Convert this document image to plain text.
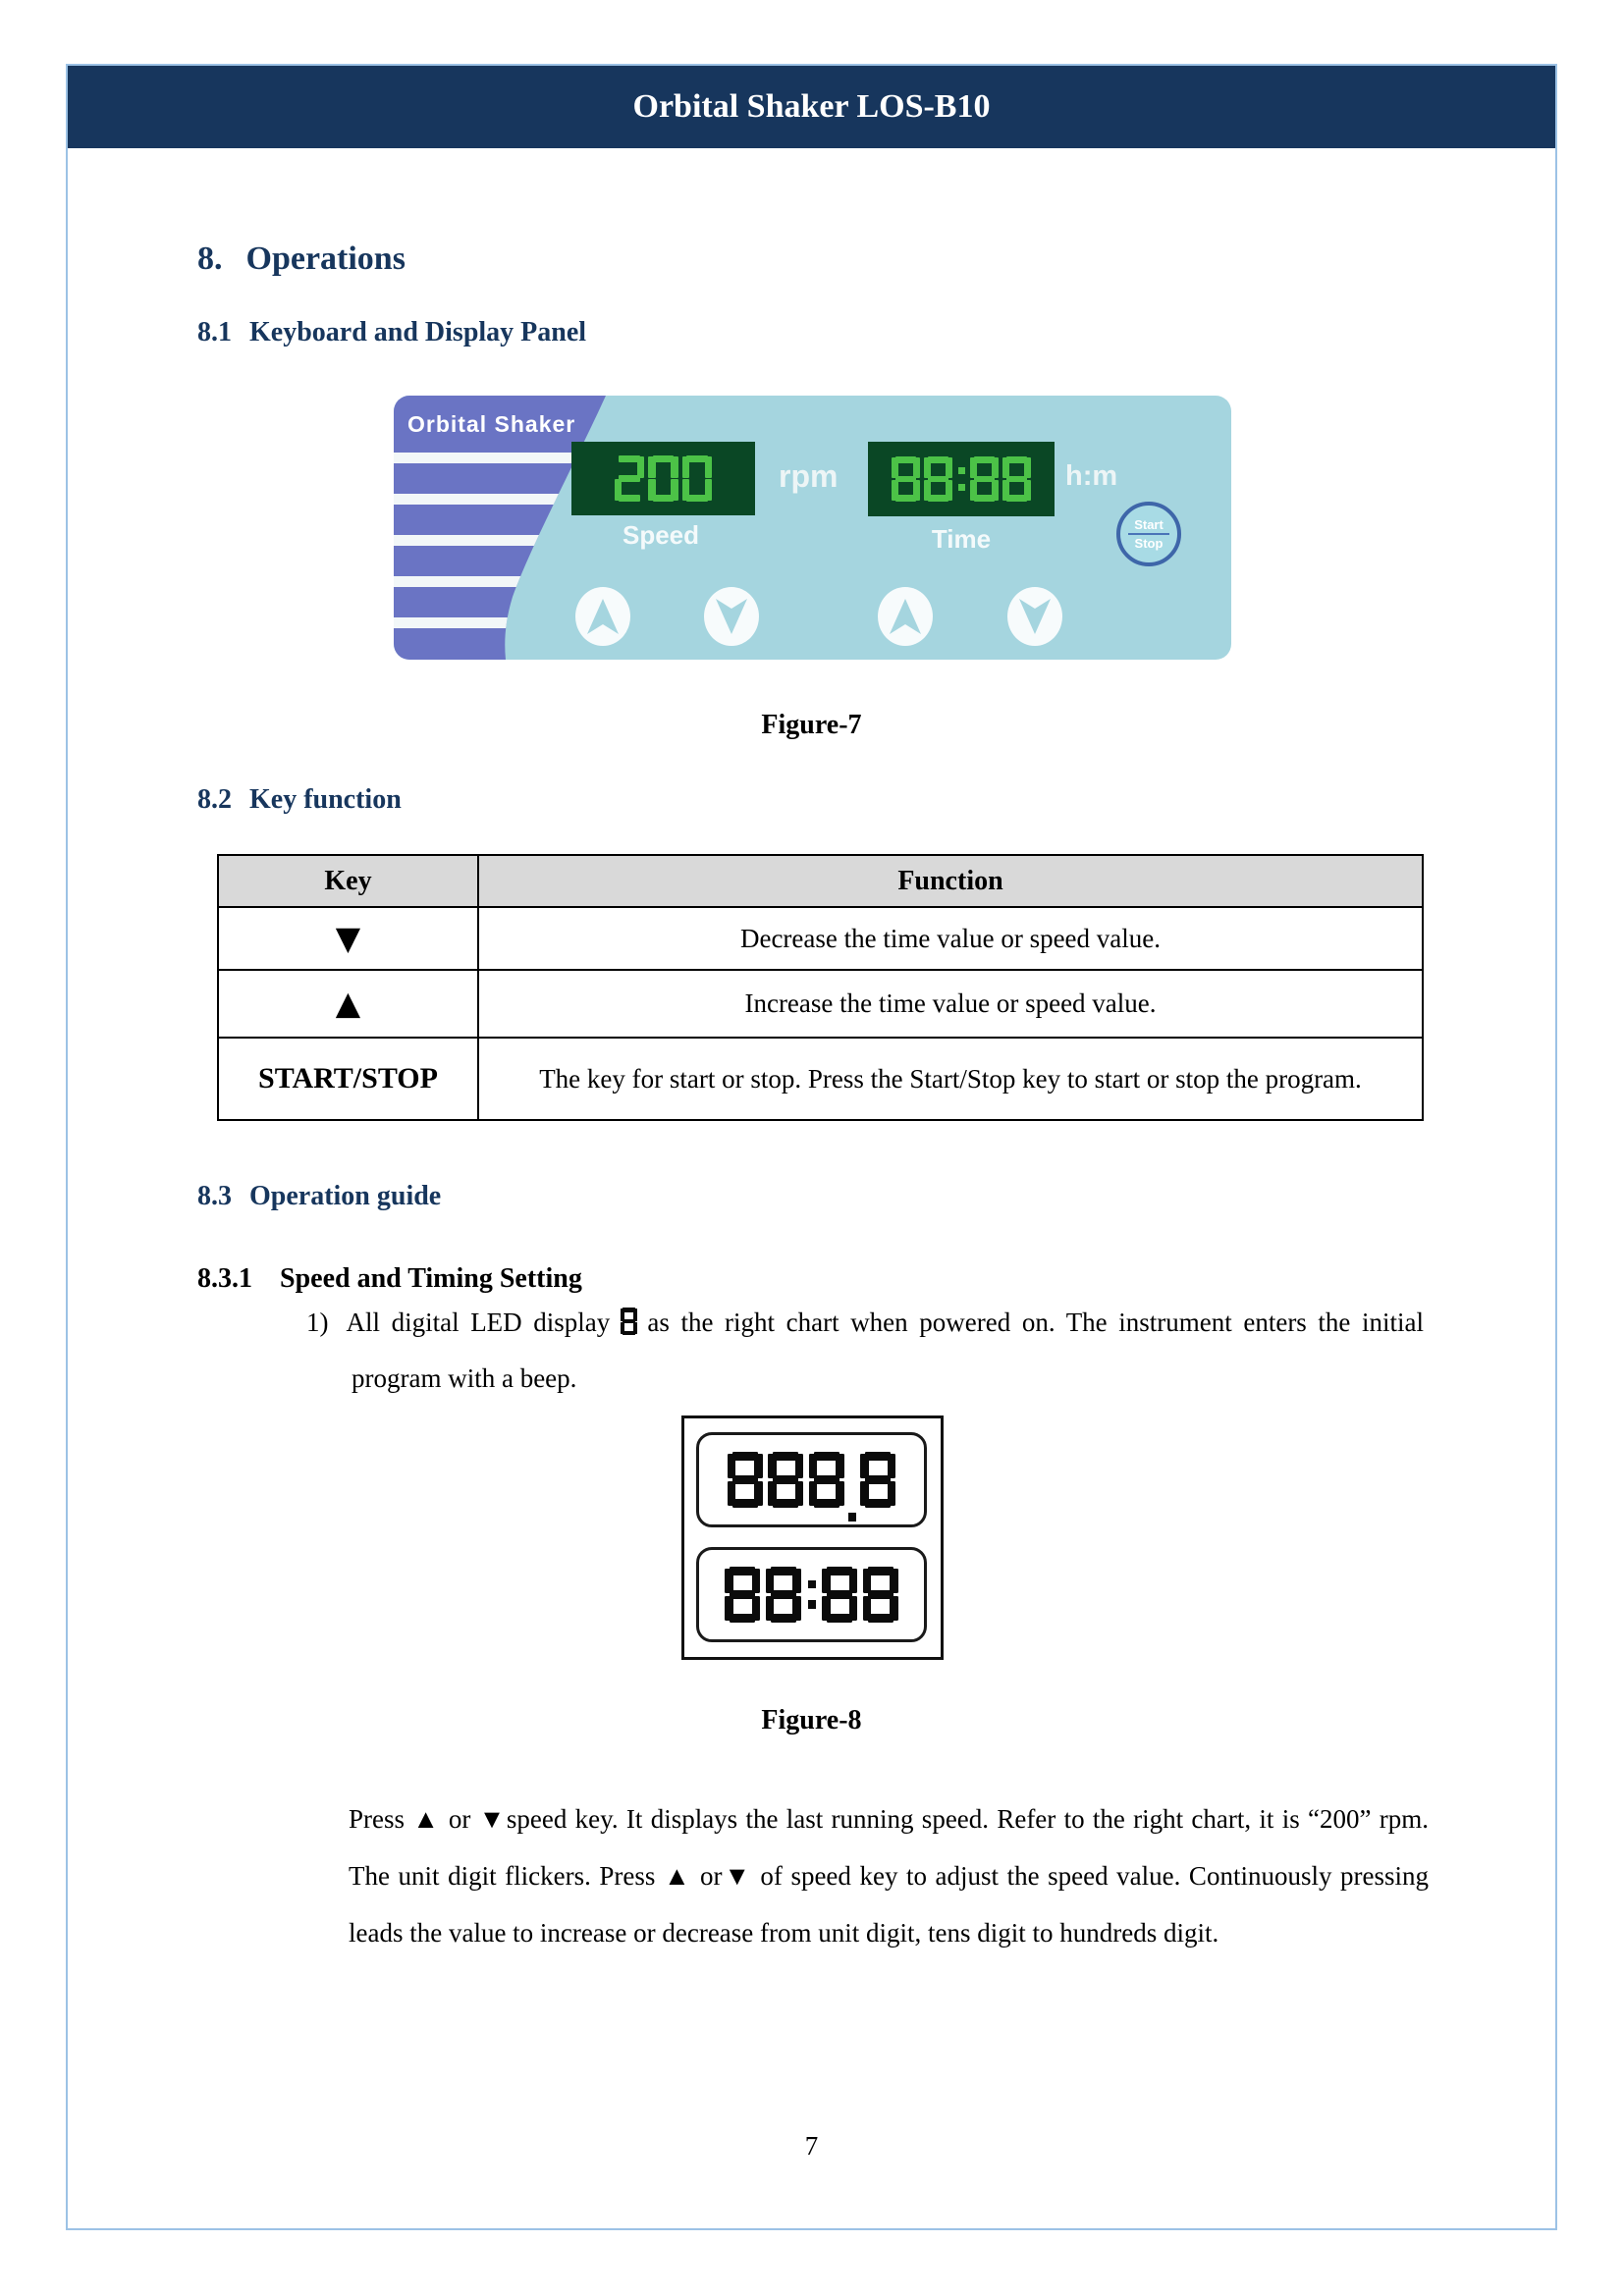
Orbital Shaker LOS-B10
8. Operations
8.1 Keyboard and Display Panel
Orbital Shaker
rpm	h:m
Speed	Time	Start
Stop
Figure-7
8.2 Key function
Key	Function
▼	Decrease the time value or speed value.
▲	Increase the time value or speed value.
START/STOP	The key for start or stop. Press the Start/Stop key to start or stop the program.
8.3 Operation guide
8.3.1 Speed and Timing Setting
1) All digital LED display as the right chart when powered on. The instrument enters the initial program with a beep.
Figure-8
Press ▲ or ▼speed key. It displays the last running speed. Refer to the right chart, it is “200” rpm. The unit digit flickers. Press ▲ or▼ of speed key to adjust the speed value. Continuously pressing leads the value to increase or decrease from unit digit, tens digit to hundreds digit.
7
